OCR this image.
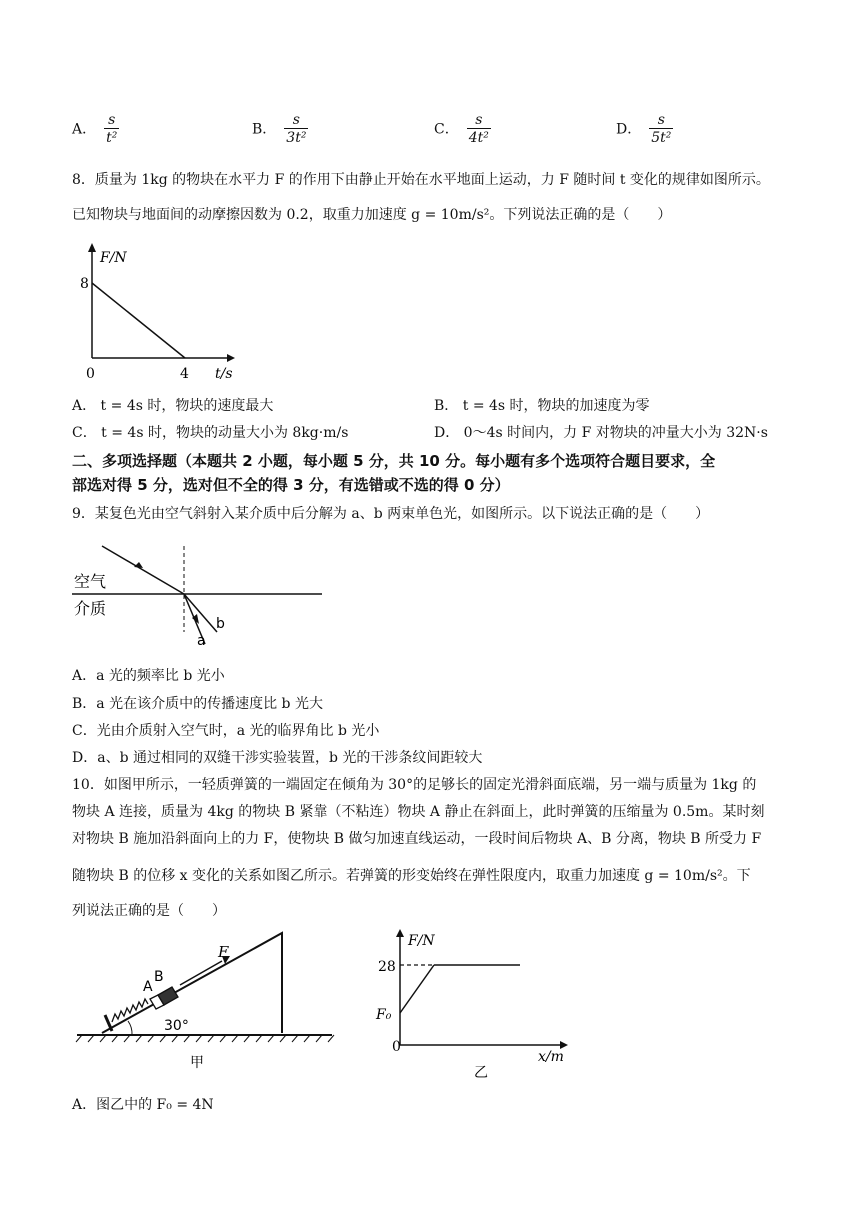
A． $\frac{s}{\text{t²}}$	B． $\frac{s}{\text{3t²}}$	C． $\frac{s}{\text{4t²}}$	D． $\frac{s}{\text{5t²}}$
8．质量为 1kg 的物块在水平力 F 的作用下由静止开始在水平地面上运动，力 F 随时间 t 变化的规律如图所示。
已知物块与地面间的动摩擦因数为 0.2，取重力加速度 g = 10m/s²。下列说法正确的是（　　）
F/N
8
0	4 t/s
A． t = 4s 时，物块的速度最大	B． t = 4s 时，物块的加速度为零
C． t = 4s 时，物块的动量大小为 8kg·m/s	D． 0～4s 时间内，力 F 对物块的冲量大小为 32N·s
二、多项选择题（本题共 2 小题，每小题 5 分，共 10 分。每小题有多个选项符合题目要求，全
部选对得 5 分，选对但不全的得 3 分，有选错或不选的得 0 分）
9．某复色光由空气斜射入某介质中后分解为 a、b 两束单色光，如图所示。以下说法正确的是（　　）
空气
介质
a
b
A．a 光的频率比 b 光小
B．a 光在该介质中的传播速度比 b 光大
C．光由介质射入空气时，a 光的临界角比 b 光小
D．a、b 通过相同的双缝干涉实验装置，b 光的干涉条纹间距较大
10．如图甲所示，一轻质弹簧的一端固定在倾角为 30°的足够长的固定光滑斜面底端，另一端与质量为 1kg 的
物块 A 连接，质量为 4kg 的物块 B 紧靠（不粘连）物块 A 静止在斜面上，此时弹簧的压缩量为 0.5m。某时刻
对物块 B 施加沿斜面向上的力 F，使物块 B 做匀加速直线运动，一段时间后物块 A、B 分离，物块 B 所受力 F
随物块 B 的位移 x 变化的关系如图乙所示。若弹簧的形变始终在弹性限度内，取重力加速度 g = 10m/s²。下
列说法正确的是（　　）
A
B
F
30°
甲
F/N
28
F₀
0
x/m
乙
A．图乙中的 F₀ = 4N
